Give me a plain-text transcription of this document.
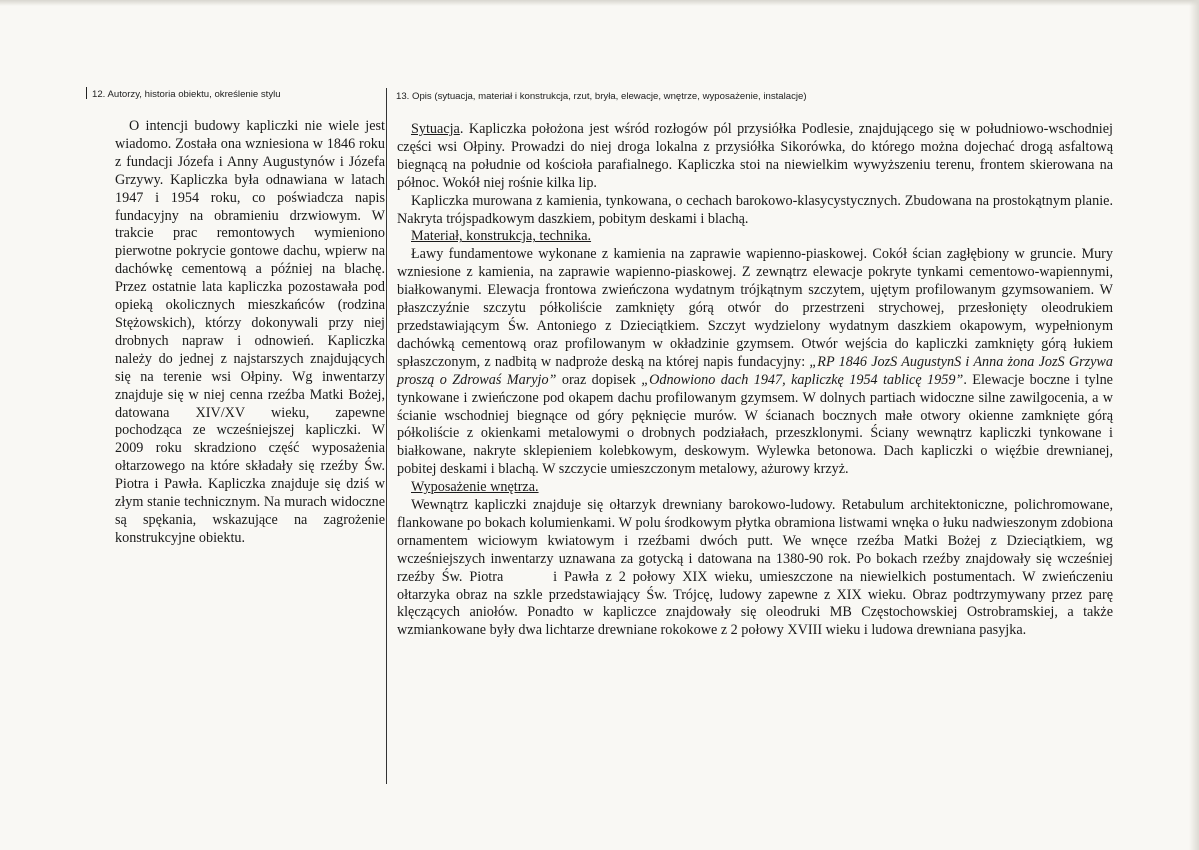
12. Autorzy, historia obiektu, określenie stylu	13. Opis (sytuacja, materiał i konstrukcja, rzut, bryła, elewacje, wnętrze, wyposażenie, instalacje)

O intencji budowy kapliczki nie wiele jest wiadomo. Została ona wzniesiona w 1846 roku z fundacji Józefa i Anny Augustynów i Józefa Grzywy. Kapliczka była odnawiana w latach 1947 i 1954 roku, co poświadcza napis fundacyjny na obramieniu drzwiowym. W trakcie prac remontowych wymieniono pierwotne pokrycie gontowe dachu, wpierw na dachówkę cementową a później na blachę. Przez ostatnie lata kapliczka pozostawała pod opieką okolicznych mieszkańców (rodzina Stężowskich), którzy dokonywali przy niej drobnych napraw i odnowień. Kapliczka należy do jednej z najstarszych znajdujących się na terenie wsi Ołpiny. Wg inwentarzy znajduje się w niej cenna rzeźba Matki Bożej, datowana XIV/XV wieku, zapewne pochodząca ze wcześniejszej kapliczki. W 2009 roku skradziono część wyposażenia ołtarzowego na które składały się rzeźby Św. Piotra i Pawła. Kapliczka znajduje się dziś w złym stanie technicznym. Na murach widoczne są spękania, wskazujące na zagrożenie konstrukcyjne obiektu.

Sytuacja. Kapliczka położona jest wśród rozłogów pól przysiółka Podlesie, znajdującego się w południowo-wschodniej części wsi Ołpiny. Prowadzi do niej droga lokalna z przysiółka Sikorówka, do którego można dojechać drogą asfaltową biegnącą na południe od kościoła parafialnego. Kapliczka stoi na niewielkim wywyższeniu terenu, frontem skierowana na północ. Wokół niej rośnie kilka lip.

Kapliczka murowana z kamienia, tynkowana, o cechach barokowo-klasycystycznych. Zbudowana na prostokątnym planie. Nakryta trójspadkowym daszkiem, pobitym deskami i blachą.

Materiał, konstrukcja, technika.

Ławy fundamentowe wykonane z kamienia na zaprawie wapienno-piaskowej. Cokół ścian zagłębiony w gruncie. Mury wzniesione z kamienia, na zaprawie wapienno-piaskowej. Z zewnątrz elewacje pokryte tynkami cementowo-wapiennymi, białkowanymi. Elewacja frontowa zwieńczona wydatnym trójkątnym szczytem, ujętym profilowanym gzymsowaniem. W płaszczyźnie szczytu półkoliście zamknięty górą otwór do przestrzeni strychowej, przesłonięty oleodrukiem przedstawiającym Św. Antoniego z Dzieciątkiem. Szczyt wydzielony wydatnym daszkiem okapowym, wypełnionym dachówką cementową oraz profilowanym w okładzinie gzymsem. Otwór wejścia do kapliczki zamknięty górą łukiem spłaszczonym, z nadbitą w nadproże deską na której napis fundacyjny: „RP 1846 JozS AugustynS i Anna żona JozS Grzywa proszą o Zdrowaś Maryjo” oraz dopisek „Odnowiono dach 1947, kapliczkę 1954 tablicę 1959”. Elewacje boczne i tylne tynkowane i zwieńczone pod okapem dachu profilowanym gzymsem. W dolnych partiach widoczne silne zawilgocenia, a w ścianie wschodniej biegnące od góry pęknięcie murów. W ścianach bocznych małe otwory okienne zamknięte górą półkoliście z okienkami metalowymi o drobnych podziałach, przeszklonymi. Ściany wewnątrz kapliczki tynkowane i białkowane, nakryte sklepieniem kolebkowym, deskowym. Wylewka betonowa. Dach kapliczki o więźbie drewnianej, pobitej deskami i blachą. W szczycie umieszczonym metalowy, ażurowy krzyż.

Wyposażenie wnętrza.

Wewnątrz kapliczki znajduje się ołtarzyk drewniany barokowo-ludowy. Retabulum architektoniczne, polichromowane, flankowane po bokach kolumienkami. W polu środkowym płytka obramiona listwami wnęka o łuku nadwieszonym zdobiona ornamentem wiciowym kwiatowym i rzeźbami dwóch putt. We wnęce rzeźba Matki Bożej z Dzieciątkiem, wg wcześniejszych inwentarzy uznawana za gotycką i datowana na 1380-90 rok. Po bokach rzeźby znajdowały się wcześniej rzeźby Św. Piotra	i Pawła z 2 połowy XIX wieku, umieszczone na niewielkich postumentach. W zwieńczeniu ołtarzyka obraz na szkle przedstawiający Św. Trójcę, ludowy zapewne z XIX wieku. Obraz podtrzymywany przez parę klęczących aniołów. Ponadto w kapliczce znajdowały się oleodruki MB Częstochowskiej Ostrobramskiej, a także wzmiankowane były dwa lichtarze drewniane rokokowe z 2 połowy XVIII wieku i ludowa drewniana pasyjka.
